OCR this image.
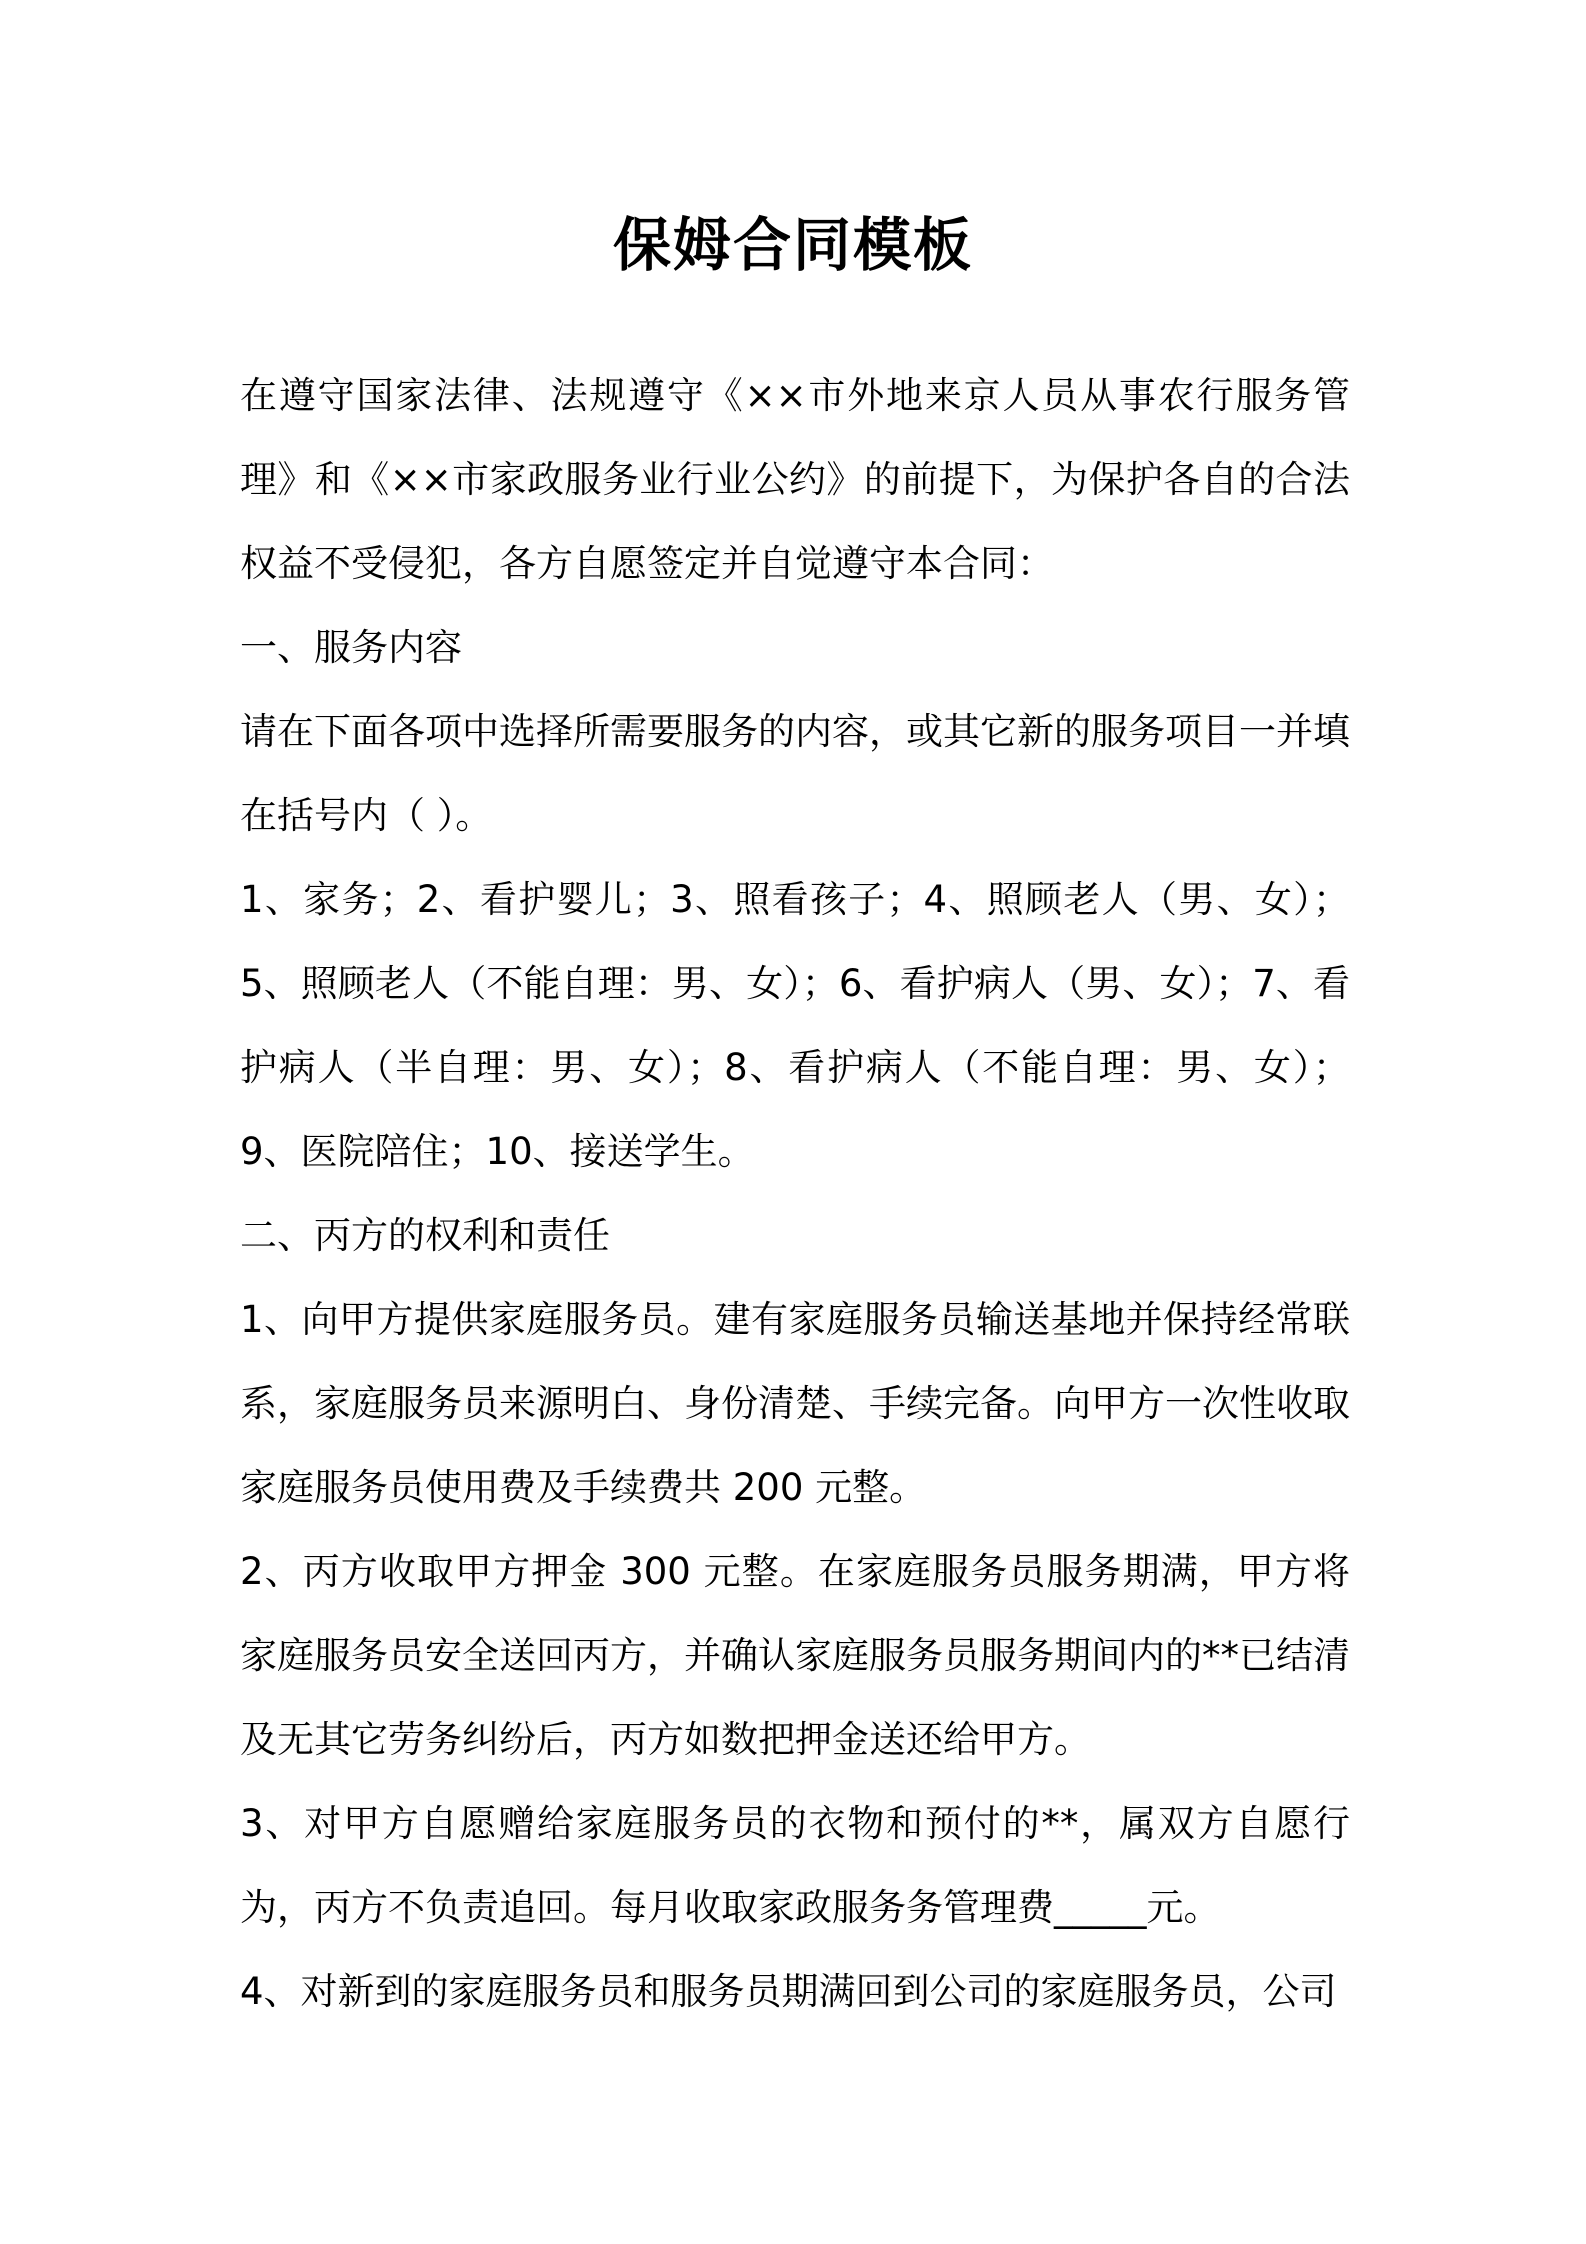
保姆合同模板

在遵守国家法律、法规遵守《××市外地来京人员从事农行服务管理》和《××市家政服务业行业公约》的前提下，为保护各自的合法权益不受侵犯，各方自愿签定并自觉遵守本合同：

一、服务内容

请在下面各项中选择所需要服务的内容，或其它新的服务项目一并填在括号内（ ）。

1、家务；2、看护婴儿；3、照看孩子；4、照顾老人（男、女）；5、照顾老人（不能自理：男、女）；6、看护病人（男、女）；7、看护病人（半自理：男、女）；8、看护病人（不能自理：男、女）；9、医院陪住；10、接送学生。

二、丙方的权利和责任

1、向甲方提供家庭服务员。建有家庭服务员输送基地并保持经常联系，家庭服务员来源明白、身份清楚、手续完备。向甲方一次性收取家庭服务员使用费及手续费共 200 元整。

2、丙方收取甲方押金 300 元整。在家庭服务员服务期满，甲方将家庭服务员安全送回丙方，并确认家庭服务员服务期间内的**已结清及无其它劳务纠纷后，丙方如数把押金送还给甲方。

3、对甲方自愿赠给家庭服务员的衣物和预付的**，属双方自愿行为，丙方不负责追回。每月收取家政服务务管理费_____元。

4、对新到的家庭服务员和服务员期满回到公司的家庭服务员，公司
